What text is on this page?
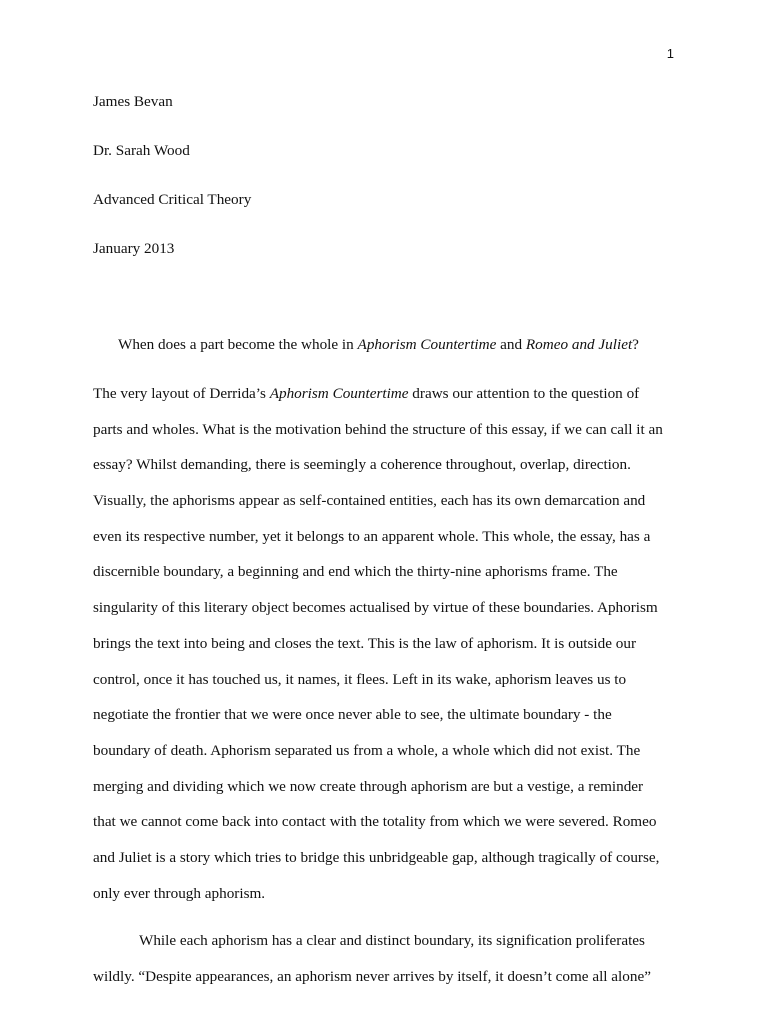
1
James Bevan
Dr. Sarah Wood
Advanced Critical Theory
January 2013
When does a part become the whole in Aphorism Countertime and Romeo and Juliet?
The very layout of Derrida’s Aphorism Countertime draws our attention to the question of
parts and wholes. What is the motivation behind the structure of this essay, if we can call it an
essay? Whilst demanding, there is seemingly a coherence throughout, overlap, direction.
Visually, the aphorisms appear as self-contained entities, each has its own demarcation and
even its respective number, yet it belongs to an apparent whole. This whole, the essay, has a
discernible boundary, a beginning and end which the thirty-nine aphorisms frame. The
singularity of this literary object becomes actualised by virtue of these boundaries. Aphorism
brings the text into being and closes the text. This is the law of aphorism. It is outside our
control, once it has touched us, it names, it flees. Left in its wake, aphorism leaves us to
negotiate the frontier that we were once never able to see, the ultimate boundary - the
boundary of death. Aphorism separated us from a whole, a whole which did not exist. The
merging and dividing which we now create through aphorism are but a vestige, a reminder
that we cannot come back into contact with the totality from which we were severed. Romeo
and Juliet is a story which tries to bridge this unbridgeable gap, although tragically of course,
only ever through aphorism.
While each aphorism has a clear and distinct boundary, its signification proliferates
wildly. “Despite appearances, an aphorism never arrives by itself, it doesn’t come all alone”
